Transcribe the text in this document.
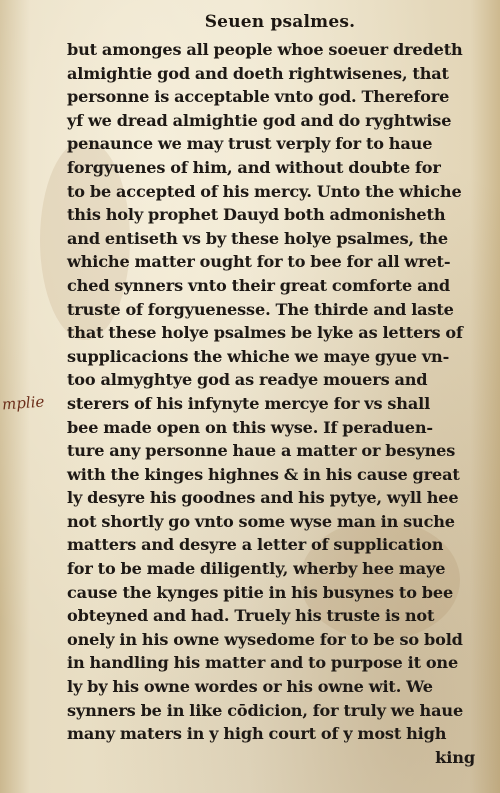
Seuen psalmes.
mplie
but amonges all people whoe soeuer dredeth
almightie god and doeth rightwisenes, that
personne is acceptable vnto god. Therefore
yf we dread almightie god and do ryghtwise
penaunce we may trust verply for to haue
forgyuenes of him, and without doubte for
to be accepted of his mercy. Unto the whiche
this holy prophet Dauyd both admonisheth
and entiseth vs by these holye psalmes, the
whiche matter ought for to bee for all wret-
ched synners vnto their great comforte and
truste of forgyuenesse. The thirde and laste
that these holye psalmes be lyke as letters of
supplicacions the whiche we maye gyue vn-
too almyghtye god as readye mouers and
sterers of his infynyte mercye for vs shall
bee made open on this wyse. If peraduen-
ture any personne haue a matter or besynes
with the kinges highnes & in his cause great
ly desyre his goodnes and his pytye, wyll hee
not shortly go vnto some wyse man in suche
matters and desyre a letter of supplication
for to be made diligently, wherby hee maye
cause the kynges pitie in his busynes to bee
obteyned and had. Truely his truste is not
onely in his owne wysedome for to be so bold
in handling his matter and to purpose it one
ly by his owne wordes or his owne wit. We
synners be in like cōdicion, for truly we haue
many maters in y high court of y most high
king
